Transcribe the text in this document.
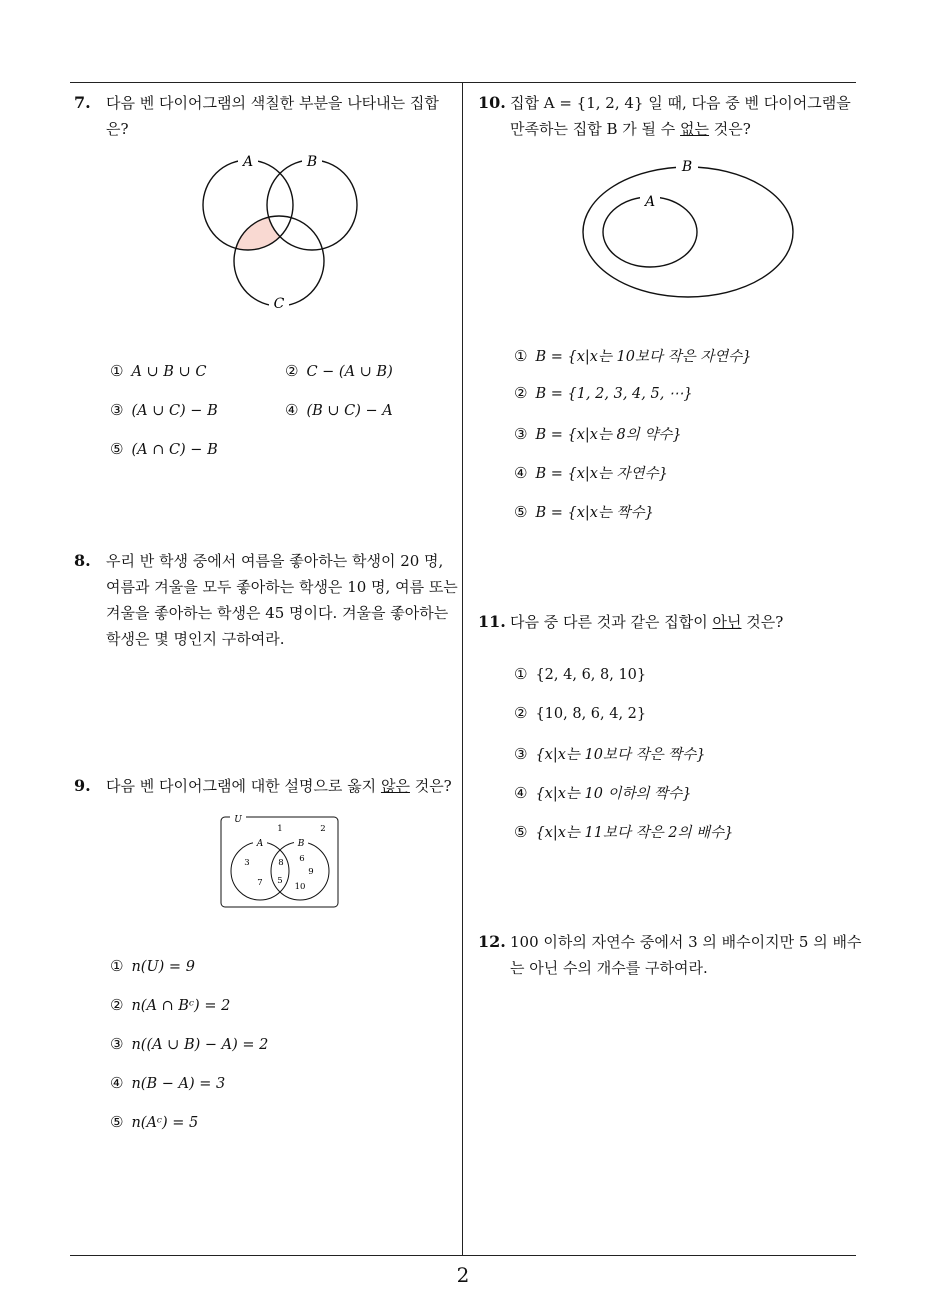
2
7. 다음 벤 다이어그램의 색칠한 부분을 나타내는 집합
은?
A	B
C
① A ∪ B ∪ C	② C − (A ∪ B)
③ (A ∪ C) − B	④ (B ∪ C) − A
⑤ (A ∩ C) − B
8. 우리 반 학생 중에서 여름을 좋아하는 학생이 20 명,
여름과 겨울을 모두 좋아하는 학생은 10 명, 여름 또는
겨울을 좋아하는 학생은 45 명이다. 겨울을 좋아하는
학생은 몇 명인지 구하여라.
9. 다음 벤 다이어그램에 대한 설명으로 옳지 않은 것은?
U
A	B
1	2
3
7
8
5
6
9
10
① n(U) = 9
② n(A ∩ Bᶜ) = 2
③ n((A ∪ B) − A) = 2
④ n(B − A) = 3
⑤ n(Aᶜ) = 5
10. 집합 A = {1, 2, 4} 일 때, 다음 중 벤 다이어그램을
만족하는 집합 B 가 될 수 없는 것은?
B
A
① B = {x|x는 10보다 작은 자연수}
② B = {1, 2, 3, 4, 5, ⋯}
③ B = {x|x는 8의 약수}
④ B = {x|x는 자연수}
⑤ B = {x|x는 짝수}
11. 다음 중 다른 것과 같은 집합이 아닌 것은?
① {2, 4, 6, 8, 10}
② {10, 8, 6, 4, 2}
③ {x|x는 10보다 작은 짝수}
④ {x|x는 10 이하의 짝수}
⑤ {x|x는 11보다 작은 2의 배수}
12. 100 이하의 자연수 중에서 3 의 배수이지만 5 의 배수
는 아닌 수의 개수를 구하여라.
